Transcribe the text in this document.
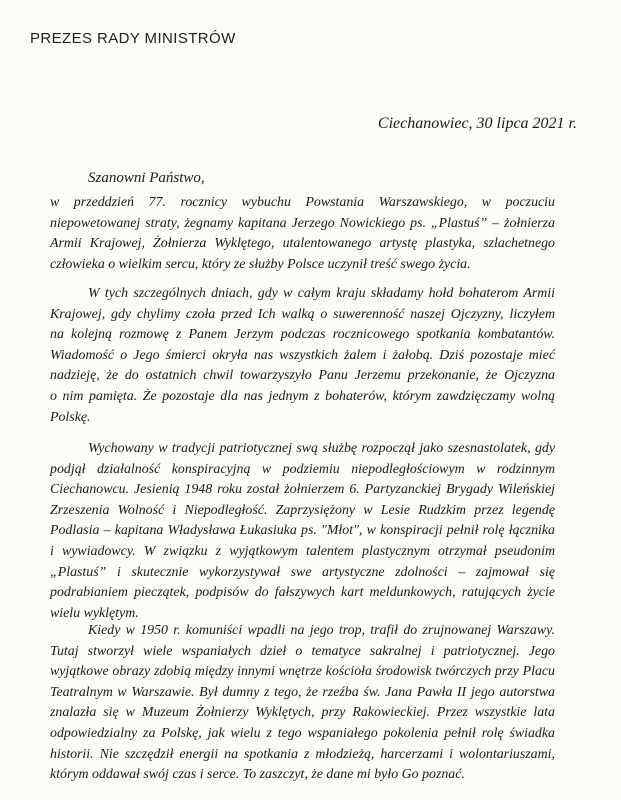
PREZES RADY MINISTRÓW
Ciechanowiec, 30 lipca 2021 r.
Szanowni Państwo,
w przeddzień 77. rocznicy wybuchu Powstania Warszawskiego, w poczuciu
niepowetowanej straty, żegnamy kapitana Jerzego Nowickiego ps. „Plastuś” – żołnierza
Armii Krajowej, Żołnierza Wyklętego, utalentowanego artystę plastyka, szlachetnego
człowieka o wielkim sercu, który ze służby Polsce uczynił treść swego życia.
W tych szczególnych dniach, gdy w całym kraju składamy hołd bohaterom Armii
Krajowej, gdy chylimy czoła przed Ich walką o suwerenność naszej Ojczyzny, liczyłem
na kolejną rozmowę z Panem Jerzym podczas rocznicowego spotkania kombatantów.
Wiadomość o Jego śmierci okryła nas wszystkich żalem i żałobą. Dziś pozostaje mieć
nadzieję, że do ostatnich chwil towarzyszyło Panu Jerzemu przekonanie, że Ojczyzna
o nim pamięta. Że pozostaje dla nas jednym z bohaterów, którym zawdzięczamy wolną
Polskę.
Wychowany w tradycji patriotycznej swą służbę rozpoczął jako szesnastolatek, gdy
podjął działalność konspiracyjną w podziemiu niepodległościowym w rodzinnym
Ciechanowcu. Jesienią 1948 roku został żołnierzem 6. Partyzanckiej Brygady Wileńskiej
Zrzeszenia Wolność i Niepodległość. Zaprzysiężony w Lesie Rudzkim przez legendę
Podlasia – kapitana Władysława Łukasiuka ps. "Młot", w konspiracji pełnił rolę łącznika
i wywiadowcy. W związku z wyjątkowym talentem plastycznym otrzymał pseudonim
„Plastuś” i skutecznie wykorzystywał swe artystyczne zdolności – zajmował się
podrabianiem pieczątek, podpisów do fałszywych kart meldunkowych, ratujących życie
wielu wyklętym.
Kiedy w 1950 r. komuniści wpadli na jego trop, trafił do zrujnowanej Warszawy.
Tutaj stworzył wiele wspaniałych dzieł o tematyce sakralnej i patriotycznej. Jego
wyjątkowe obrazy zdobią między innymi wnętrze kościoła środowisk twórczych przy Placu
Teatralnym w Warszawie. Był dumny z tego, że rzeźba św. Jana Pawła II jego autorstwa
znalazła się w Muzeum Żołnierzy Wyklętych, przy Rakowieckiej. Przez wszystkie lata
odpowiedzialny za Polskę, jak wielu z tego wspaniałego pokolenia pełnił rolę świadka
historii. Nie szczędził energii na spotkania z młodzieżą, harcerzami i wolontariuszami,
którym oddawał swój czas i serce. To zaszczyt, że dane mi było Go poznać.
